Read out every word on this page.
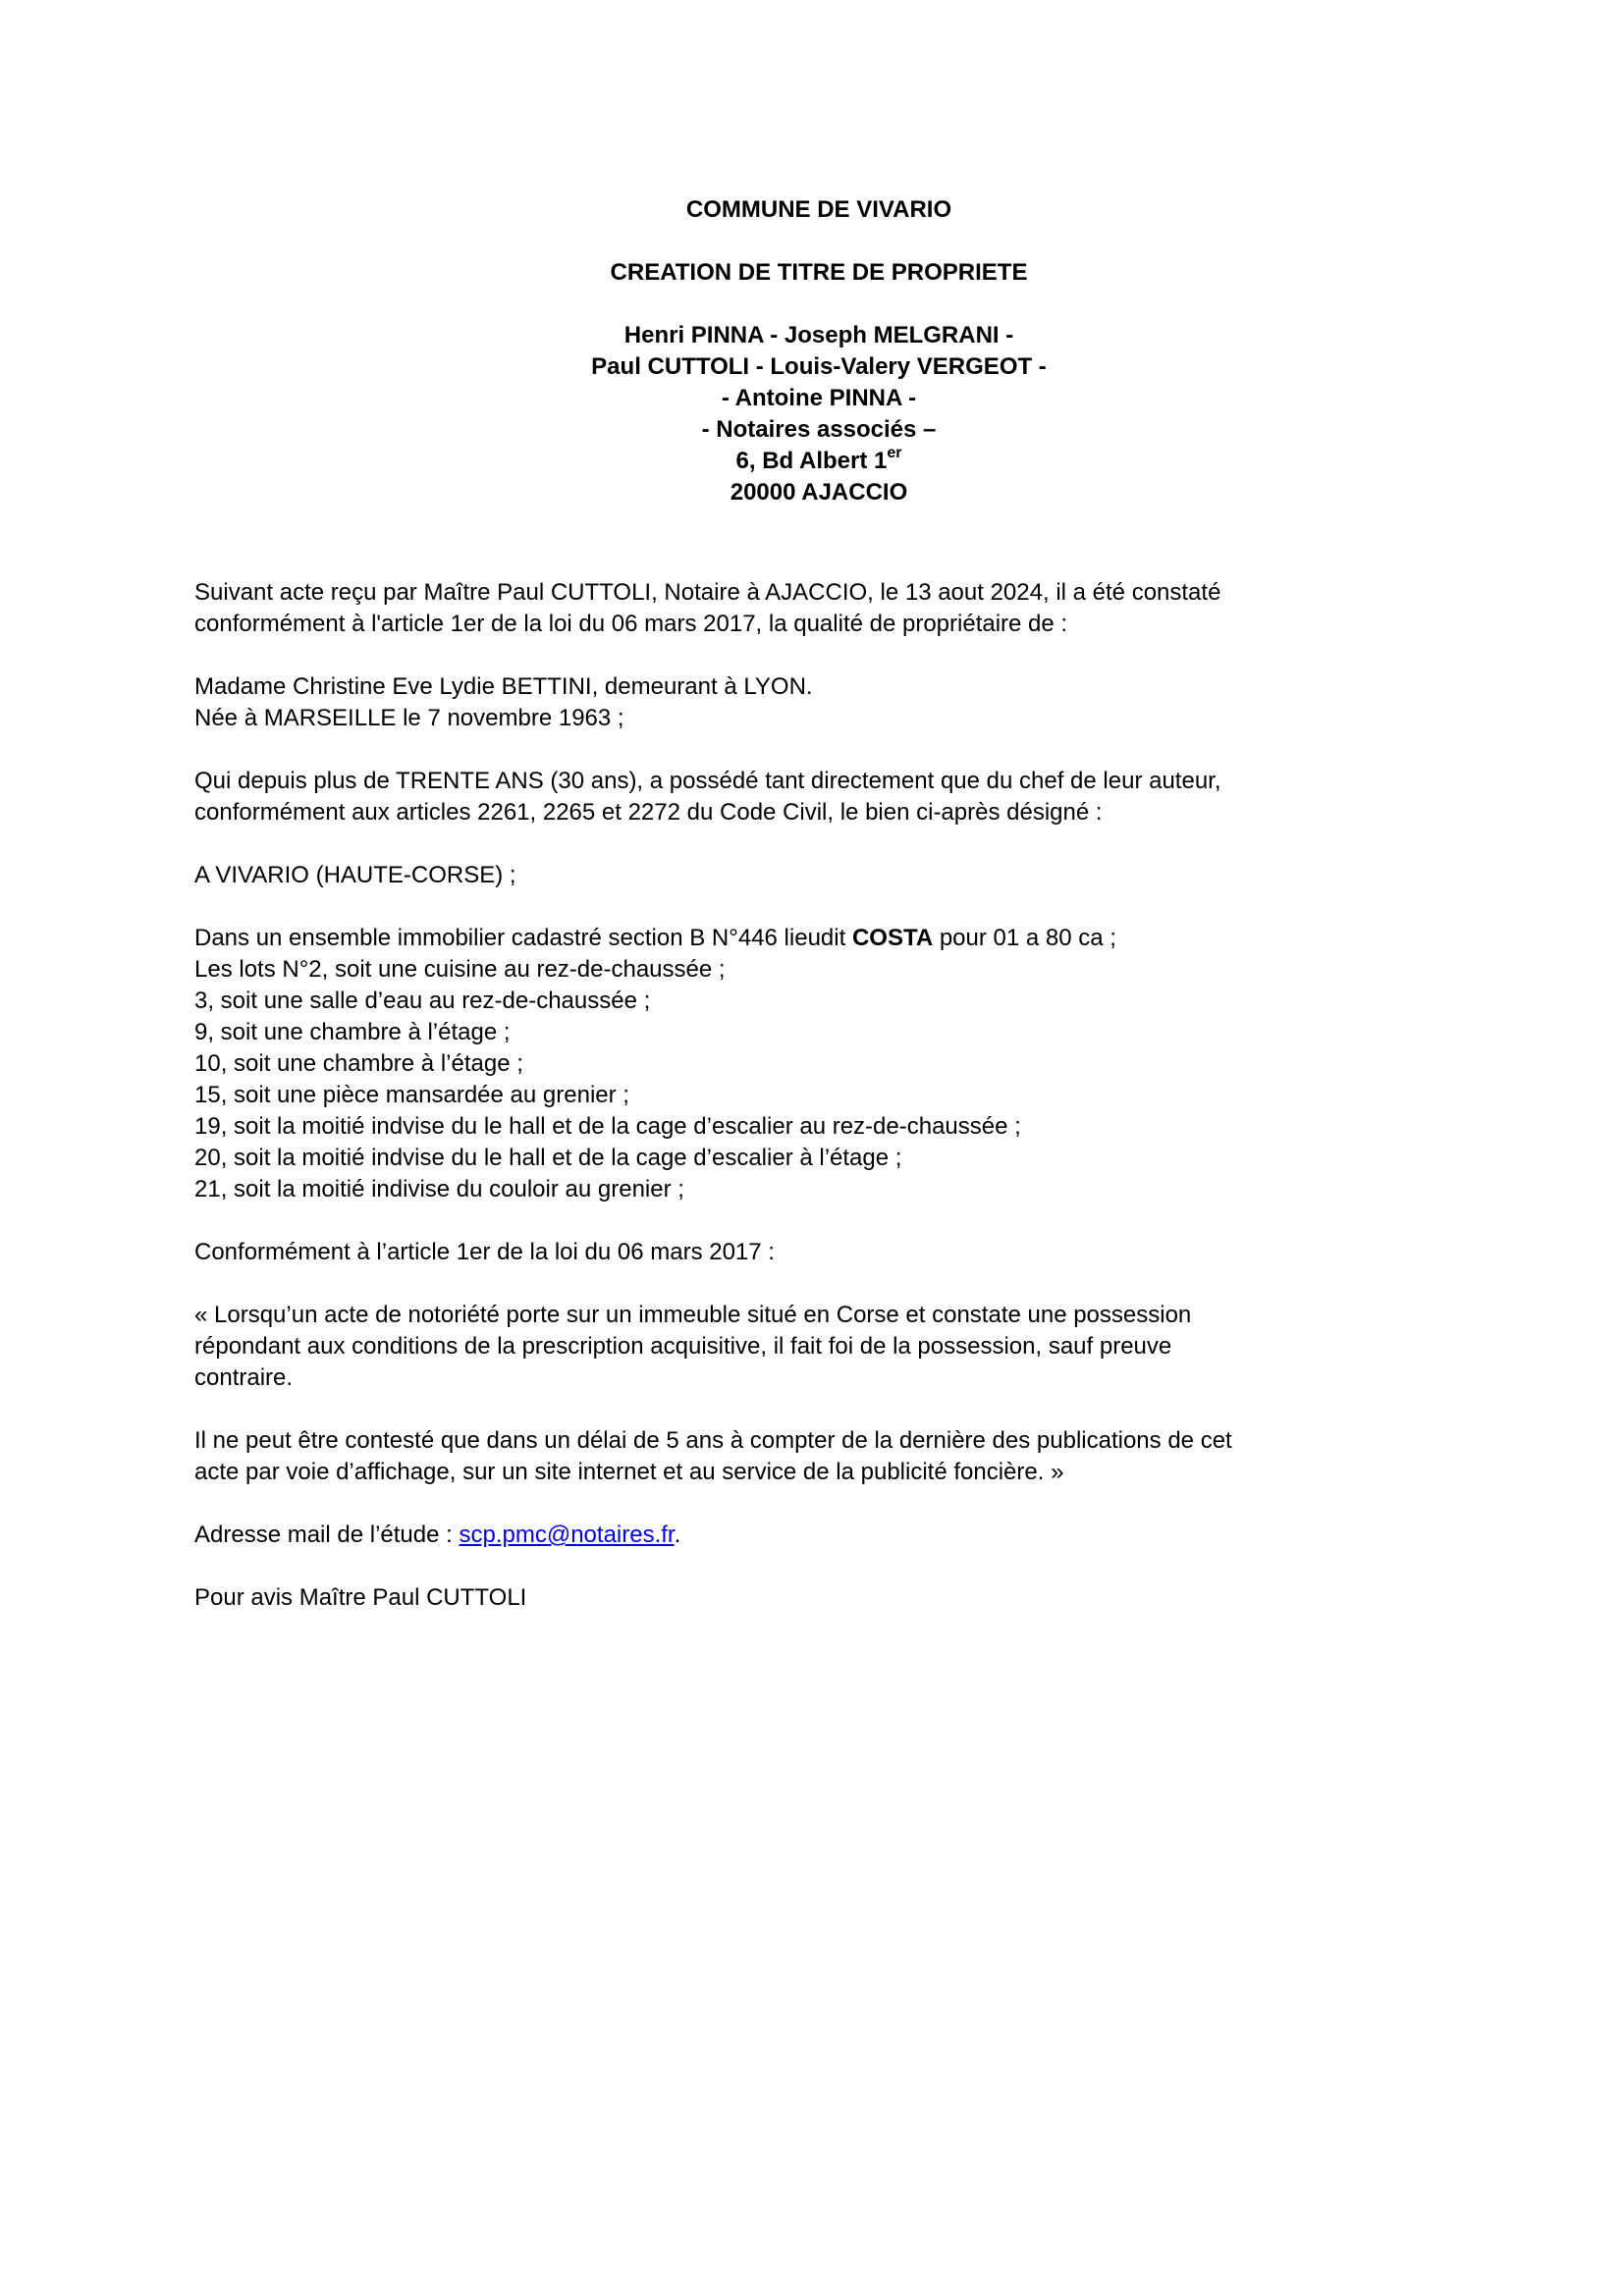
COMMUNE DE VIVARIO
CREATION DE TITRE DE PROPRIETE
Henri PINNA - Joseph MELGRANI -
Paul CUTTOLI - Louis-Valery VERGEOT -
- Antoine PINNA -
- Notaires associés –
6, Bd Albert 1er
20000 AJACCIO

Suivant acte reçu par Maître Paul CUTTOLI, Notaire à AJACCIO, le 13 aout 2024, il a été constaté
conformément à l'article 1er de la loi du 06 mars 2017, la qualité de propriétaire de :

Madame Christine Eve Lydie BETTINI, demeurant à LYON.
Née à MARSEILLE le 7 novembre 1963 ;

Qui depuis plus de TRENTE ANS (30 ans), a possédé tant directement que du chef de leur auteur,
conformément aux articles 2261, 2265 et 2272 du Code Civil, le bien ci-après désigné :

A VIVARIO (HAUTE-CORSE) ;

Dans un ensemble immobilier cadastré section B N°446 lieudit COSTA pour 01 a 80 ca ;
Les lots N°2, soit une cuisine au rez-de-chaussée ;
3, soit une salle d’eau au rez-de-chaussée ;
9, soit une chambre à l’étage ;
10, soit une chambre à l’étage ;
15, soit une pièce mansardée au grenier ;
19, soit la moitié indvise du le hall et de la cage d’escalier au rez-de-chaussée ;
20, soit la moitié indvise du le hall et de la cage d’escalier à l’étage ;
21, soit la moitié indivise du couloir au grenier ;

Conformément à l’article 1er de la loi du 06 mars 2017 :

« Lorsqu’un acte de notoriété porte sur un immeuble situé en Corse et constate une possession
répondant aux conditions de la prescription acquisitive, il fait foi de la possession, sauf preuve
contraire.

Il ne peut être contesté que dans un délai de 5 ans à compter de la dernière des publications de cet
acte par voie d’affichage, sur un site internet et au service de la publicité foncière. »

Adresse mail de l’étude : scp.pmc@notaires.fr.

Pour avis Maître Paul CUTTOLI
